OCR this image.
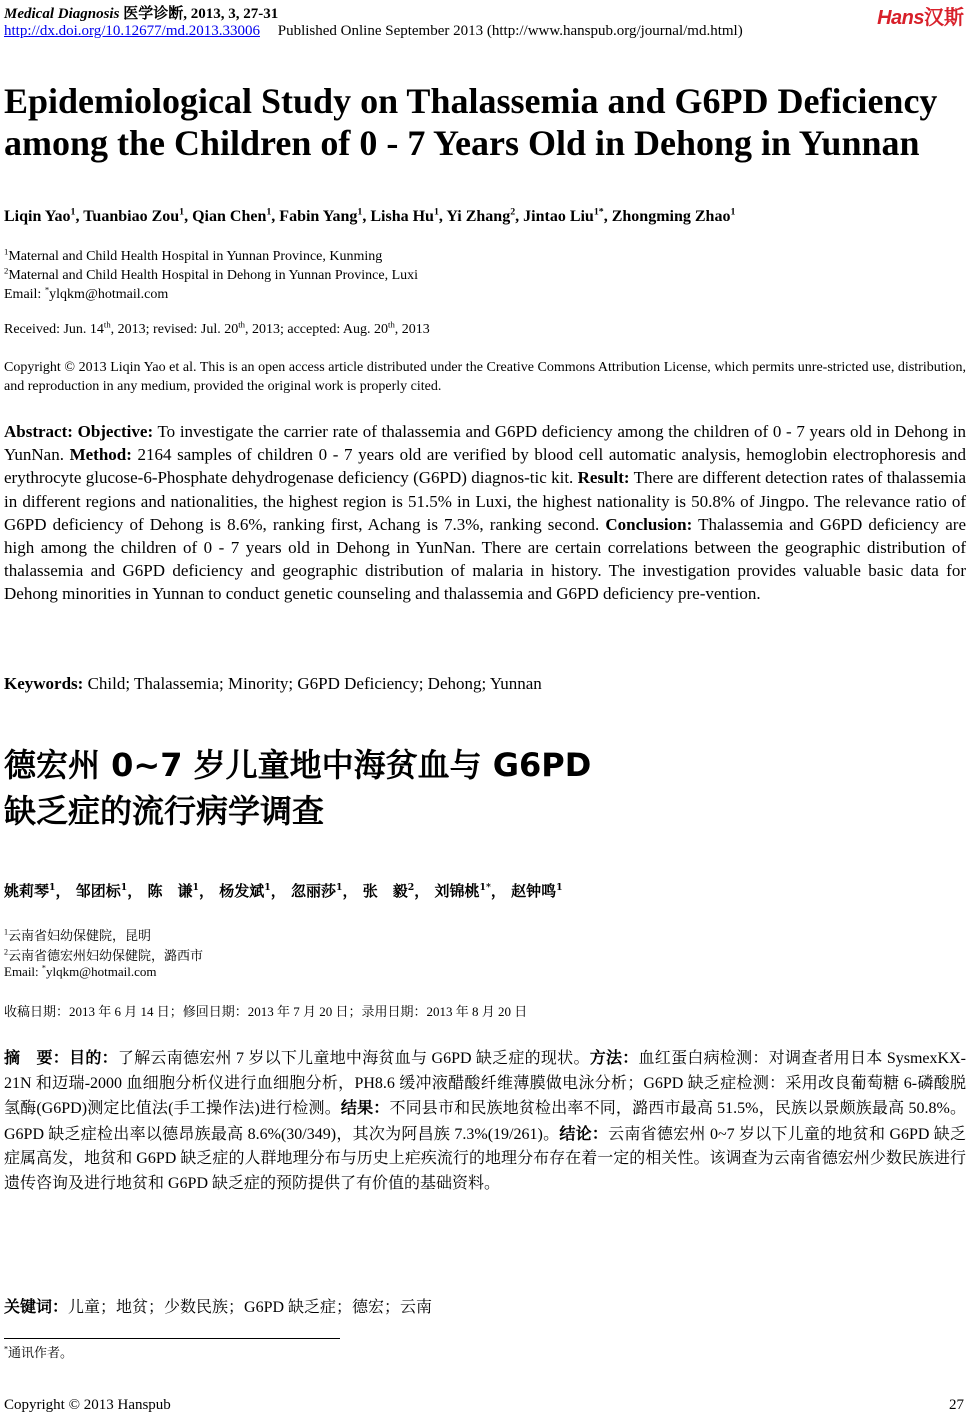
Medical Diagnosis 医学诊断, 2013, 3, 27-31
http://dx.doi.org/10.12677/md.2013.33006 Published Online September 2013 (http://www.hanspub.org/journal/md.html)
Hans汉斯
Epidemiological Study on Thalassemia and G6PD Deficiency among the Children of 0 - 7 Years Old in Dehong in Yunnan
Liqin Yao$^1$, Tuanbiao Zou$^1$, Qian Chen$^1$, Fabin Yang$^1$, Lisha Hu$^1$, Yi Zhang$^2$, Jintao Liu$^{1*}$, Zhongming Zhao$^1$
$^1$Maternal and Child Health Hospital in Yunnan Province, Kunming
$^2$Maternal and Child Health Hospital in Dehong in Yunnan Province, Luxi
Email: *ylqkm@hotmail.com
Received: Jun. 14th, 2013; revised: Jul. 20th, 2013; accepted: Aug. 20th, 2013
Copyright © 2013 Liqin Yao et al. This is an open access article distributed under the Creative Commons Attribution License, which permits unre-stricted use, distribution, and reproduction in any medium, provided the original work is properly cited.
Abstract: Objective: To investigate the carrier rate of thalassemia and G6PD deficiency among the children of 0 - 7 years old in Dehong in YunNan. Method: 2164 samples of children 0 - 7 years old are verified by blood cell automatic analysis, hemoglobin electrophoresis and erythrocyte glucose-6-Phosphate dehydrogenase deficiency (G6PD) diagnos-tic kit. Result: There are different detection rates of thalassemia in different regions and nationalities, the highest region is 51.5% in Luxi, the highest nationality is 50.8% of Jingpo. The relevance ratio of G6PD deficiency of Dehong is 8.6%, ranking first, Achang is 7.3%, ranking second. Conclusion: Thalassemia and G6PD deficiency are high among the children of 0 - 7 years old in Dehong in YunNan. There are certain correlations between the geographic distribution of thalassemia and G6PD deficiency and geographic distribution of malaria in history. The investigation provides valuable basic data for Dehong minorities in Yunnan to conduct genetic counseling and thalassemia and G6PD deficiency pre-vention.
Keywords: Child; Thalassemia; Minority; G6PD Deficiency; Dehong; Yunnan
德宏州 0~7 岁儿童地中海贫血与 G6PD
缺乏症的流行病学调查
姚莉琴$^1$， 邹团标$^1$， 陈　谦$^1$， 杨发斌$^1$， 忽丽莎$^1$， 张　毅$^2$， 刘锦桃$^{1*}$， 赵钟鸣$^1$
$^1$云南省妇幼保健院，昆明
$^2$云南省德宏州妇幼保健院，潞西市
Email: *ylqkm@hotmail.com
收稿日期：2013 年 6 月 14 日；修回日期：2013 年 7 月 20 日；录用日期：2013 年 8 月 20 日
摘　要：目的：了解云南德宏州 7 岁以下儿童地中海贫血与 G6PD 缺乏症的现状。方法：血红蛋白病检测：对调查者用日本 SysmexKX-21N 和迈瑞-2000 血细胞分析仪进行血细胞分析，PH8.6 缓冲液醋酸纤维薄膜做电泳分析；G6PD 缺乏症检测：采用改良葡萄糖 6-磷酸脱氢酶(G6PD)测定比值法(手工操作法)进行检测。结果：不同县市和民族地贫检出率不同，潞西市最高 51.5%，民族以景颇族最高 50.8%。G6PD 缺乏症检出率以德昂族最高 8.6%(30/349)，其次为阿昌族 7.3%(19/261)。结论：云南省德宏州 0~7 岁以下儿童的地贫和 G6PD 缺乏症属高发，地贫和 G6PD 缺乏症的人群地理分布与历史上疟疾流行的地理分布存在着一定的相关性。该调查为云南省德宏州少数民族进行遗传咨询及进行地贫和 G6PD 缺乏症的预防提供了有价值的基础资料。
关键词：儿童；地贫；少数民族；G6PD 缺乏症；德宏；云南
*通讯作者。
Copyright © 2013 Hanspub	27
